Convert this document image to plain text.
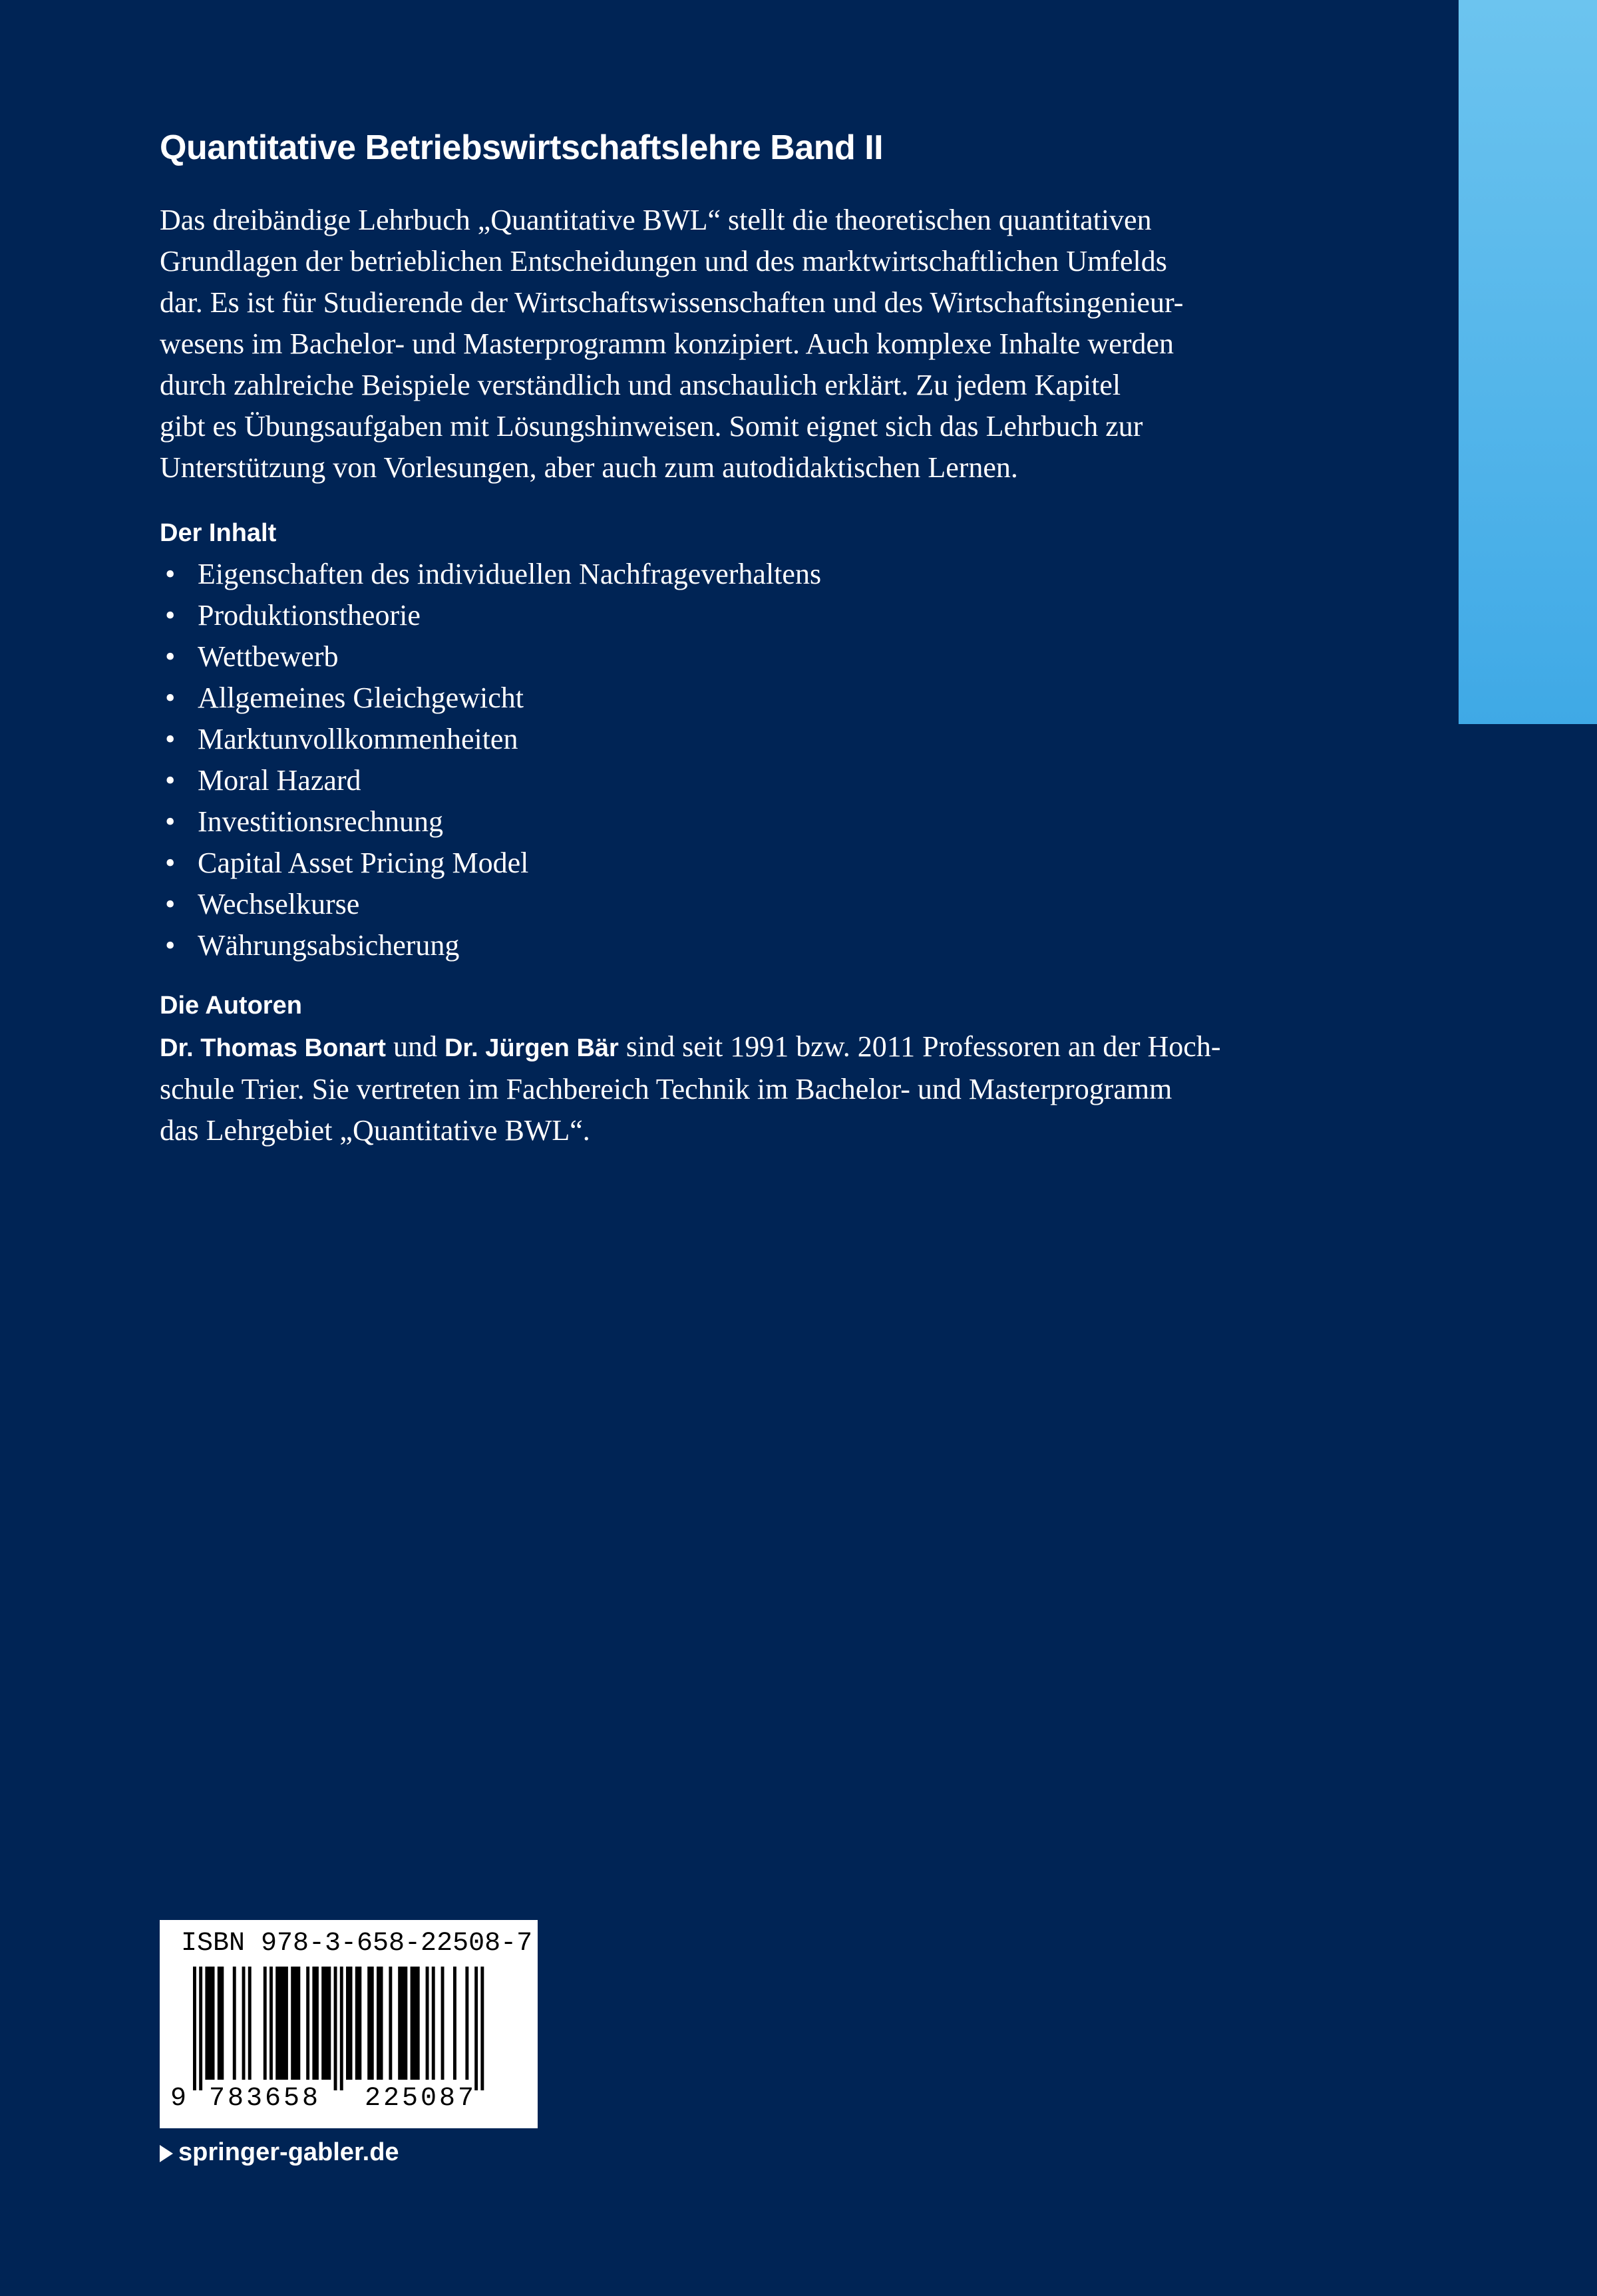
Quantitative Betriebswirtschaftslehre Band II

Das dreibändige Lehrbuch „Quantitative BWL“ stellt die theoretischen quantitativen
Grundlagen der betrieblichen Entscheidungen und des marktwirtschaftlichen Umfelds
dar. Es ist für Studierende der Wirtschaftswissenschaften und des Wirtschaftsingenieur-
wesens im Bachelor- und Masterprogramm konzipiert. Auch komplexe Inhalte werden
durch zahlreiche Beispiele verständlich und anschaulich erklärt. Zu jedem Kapitel
gibt es Übungsaufgaben mit Lösungshinweisen. Somit eignet sich das Lehrbuch zur
Unterstützung von Vorlesungen, aber auch zum autodidaktischen Lernen.

Der Inhalt
• Eigenschaften des individuellen Nachfrageverhaltens
• Produktionstheorie
• Wettbewerb
• Allgemeines Gleichgewicht
• Marktunvollkommenheiten
• Moral Hazard
• Investitionsrechnung
• Capital Asset Pricing Model
• Wechselkurse
• Währungsabsicherung
Die Autoren

Dr. Thomas Bonart und Dr. Jürgen Bär sind seit 1991 bzw. 2011 Professoren an der Hoch-
schule Trier. Sie vertreten im Fachbereich Technik im Bachelor- und Masterprogramm
das Lehrgebiet „Quantitative BWL“.

ISBN 978-3-658-22508-7
9 783658 225087
springer-gabler.de
